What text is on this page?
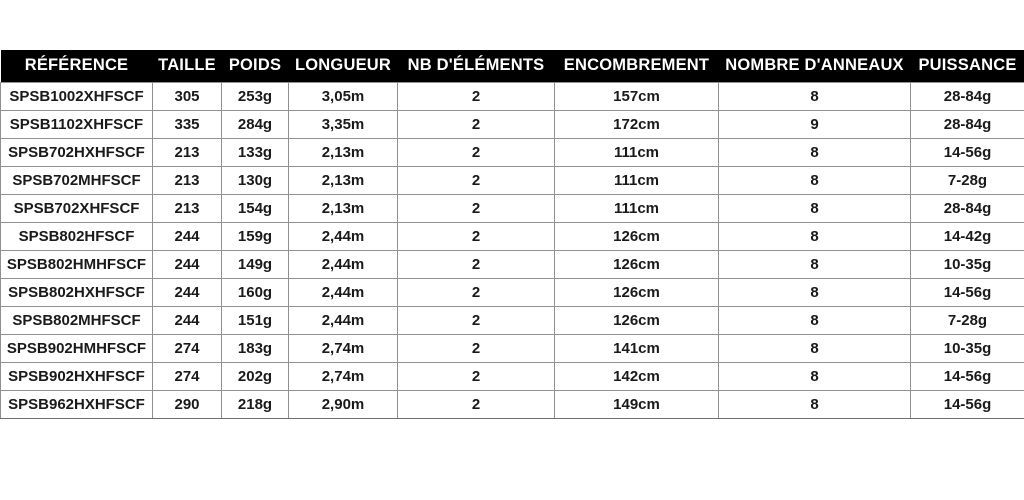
RÉFÉRENCE	TAILLE	POIDS	LONGUEUR	NB D'ÉLÉMENTS	ENCOMBREMENT	NOMBRE D'ANNEAUX	PUISSANCE
SPSB1002XHFSCF	305	253g	3,05m	2	157cm	8	28-84g
SPSB1102XHFSCF	335	284g	3,35m	2	172cm	9	28-84g
SPSB702HXHFSCF	213	133g	2,13m	2	111cm	8	14-56g
SPSB702MHFSCF	213	130g	2,13m	2	111cm	8	7-28g
SPSB702XHFSCF	213	154g	2,13m	2	111cm	8	28-84g
SPSB802HFSCF	244	159g	2,44m	2	126cm	8	14-42g
SPSB802HMHFSCF	244	149g	2,44m	2	126cm	8	10-35g
SPSB802HXHFSCF	244	160g	2,44m	2	126cm	8	14-56g
SPSB802MHFSCF	244	151g	2,44m	2	126cm	8	7-28g
SPSB902HMHFSCF	274	183g	2,74m	2	141cm	8	10-35g
SPSB902HXHFSCF	274	202g	2,74m	2	142cm	8	14-56g
SPSB962HXHFSCF	290	218g	2,90m	2	149cm	8	14-56g
